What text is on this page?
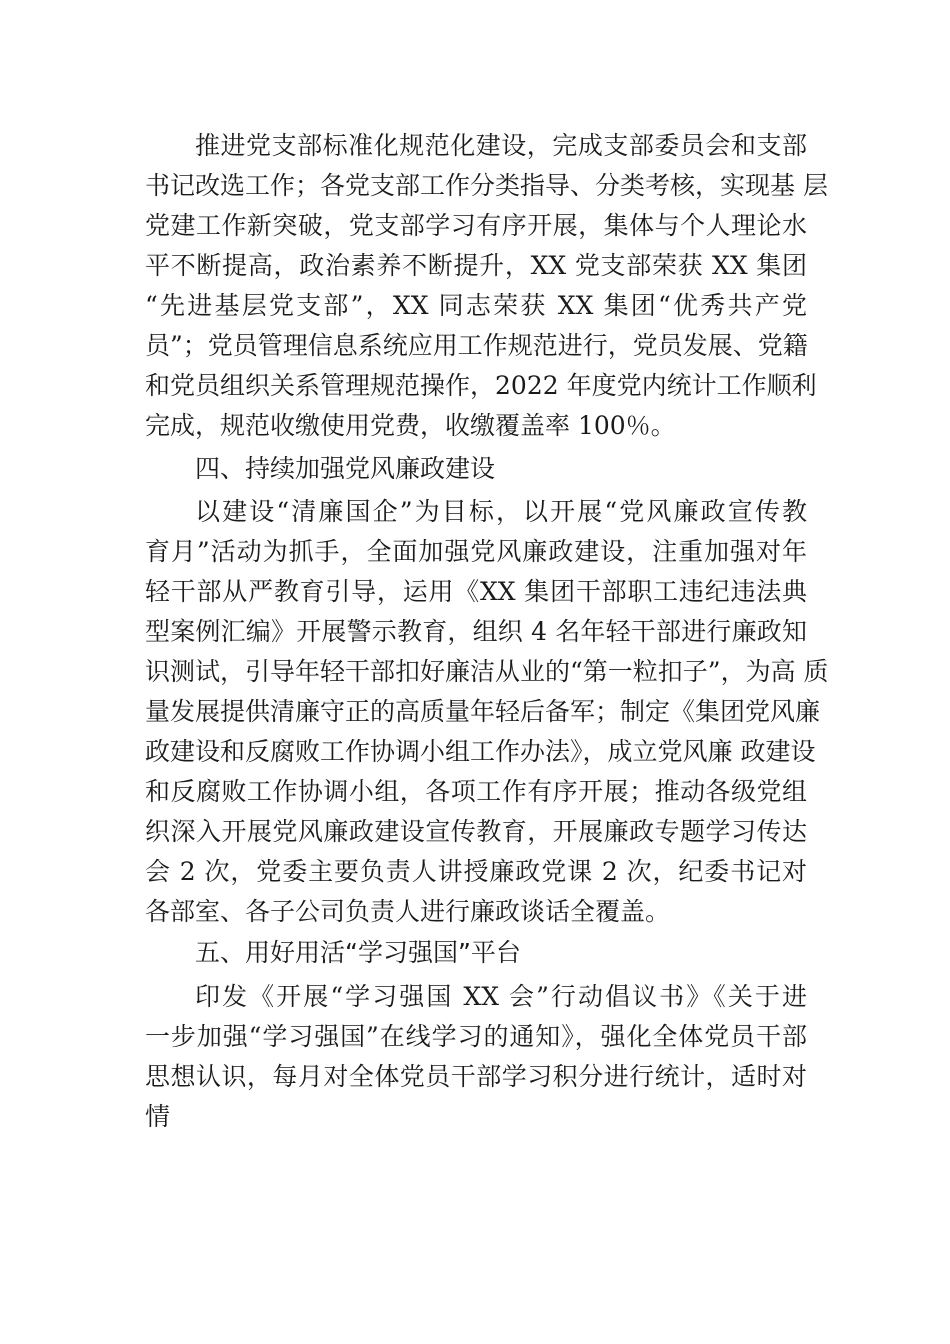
推进党支部标准化规范化建设，完成支部委员会和支部
书记改选工作；各党支部工作分类指导、分类考核，实现基 层
党建工作新突破，党支部学习有序开展，集体与个人理论水
平不断提高，政治素养不断提升，XX 党支部荣获 XX 集团
“先进基层党支部”，XX 同志荣获 XX 集团“优秀共产党
员”；党员管理信息系统应用工作规范进行，党员发展、党籍
和党员组织关系管理规范操作，2022 年度党内统计工作顺利
完成，规范收缴使用党费，收缴覆盖率 100％。
四、持续加强党风廉政建设
以建设“清廉国企”为目标，以开展“党风廉政宣传教
育月”活动为抓手，全面加强党风廉政建设，注重加强对年
轻干部从严教育引导，运用《XX 集团干部职工违纪违法典
型案例汇编》开展警示教育，组织 4 名年轻干部进行廉政知
识测试，引导年轻干部扣好廉洁从业的“第一粒扣子”，为高 质
量发展提供清廉守正的高质量年轻后备军；制定《集团党风廉
政建设和反腐败工作协调小组工作办法》，成立党风廉 政建设
和反腐败工作协调小组，各项工作有序开展；推动各级党组
织深入开展党风廉政建设宣传教育，开展廉政专题学习传达
会 2 次，党委主要负责人讲授廉政党课 2 次，纪委书记对
各部室、各子公司负责人进行廉政谈话全覆盖。
五、用好用活“学习强国”平台
印发《开展“学习强国 XX 会”行动倡议书》《关于进
一步加强“学习强国”在线学习的通知》，强化全体党员干部
思想认识，每月对全体党员干部学习积分进行统计，适时对
情
